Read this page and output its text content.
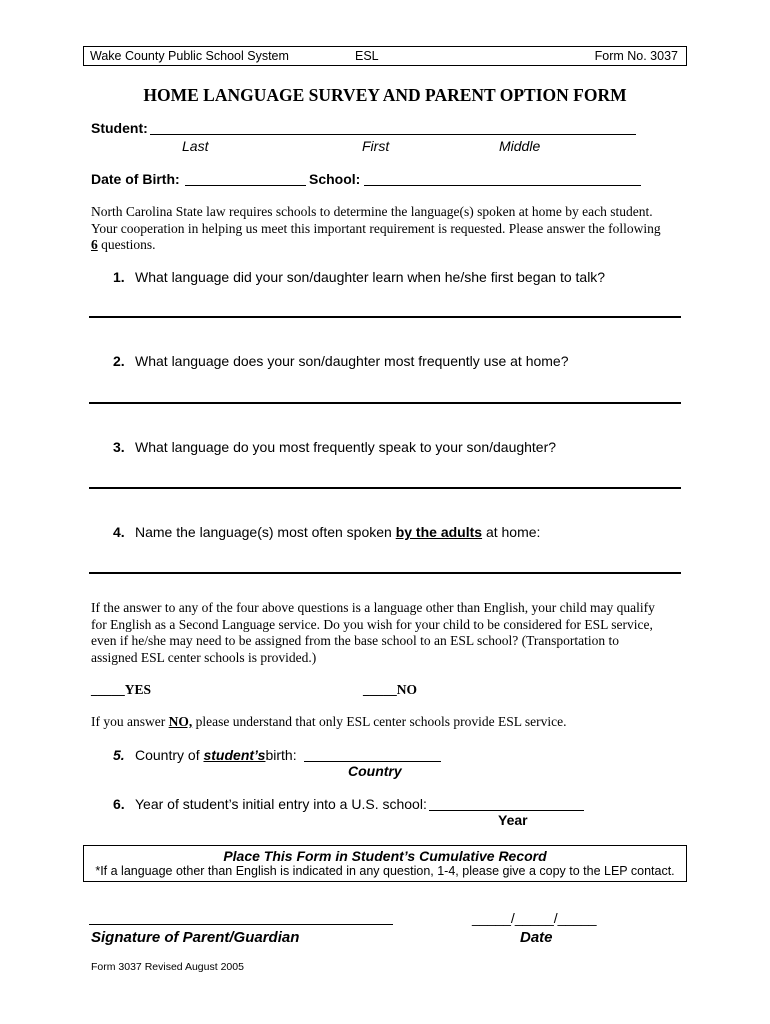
Wake County Public School System	ESL	Form No. 3037
HOME LANGUAGE SURVEY AND PARENT OPTION FORM
Student:
Last	First	Middle
Date of Birth:	School:
North Carolina State law requires schools to determine the language(s) spoken at home by each student.
Your cooperation in helping us meet this important requirement is requested. Please answer the following
6 questions.
1. What language did your son/daughter learn when he/she first began to talk?
2. What language does your son/daughter most frequently use at home?
3. What language do you most frequently speak to your son/daughter?
4. Name the language(s) most often spoken by the adults at home:
If the answer to any of the four above questions is a language other than English, your child may qualify
for English as a Second Language service. Do you wish for your child to be considered for ESL service,
even if he/she may need to be assigned from the base school to an ESL school? (Transportation to
assigned ESL center schools is provided.)
_____YES	_____NO
If you answer NO, please understand that only ESL center schools provide ESL service.
5. Country of student’sbirth:
Country
6. Year of student’s initial entry into a U.S. school:
Year
Place This Form in Student’s Cumulative Record
*If a language other than English is indicated in any question, 1-4, please give a copy to the LEP contact.
Signature of Parent/Guardian
_____/_____/_____
Date
Form 3037 Revised August 2005
